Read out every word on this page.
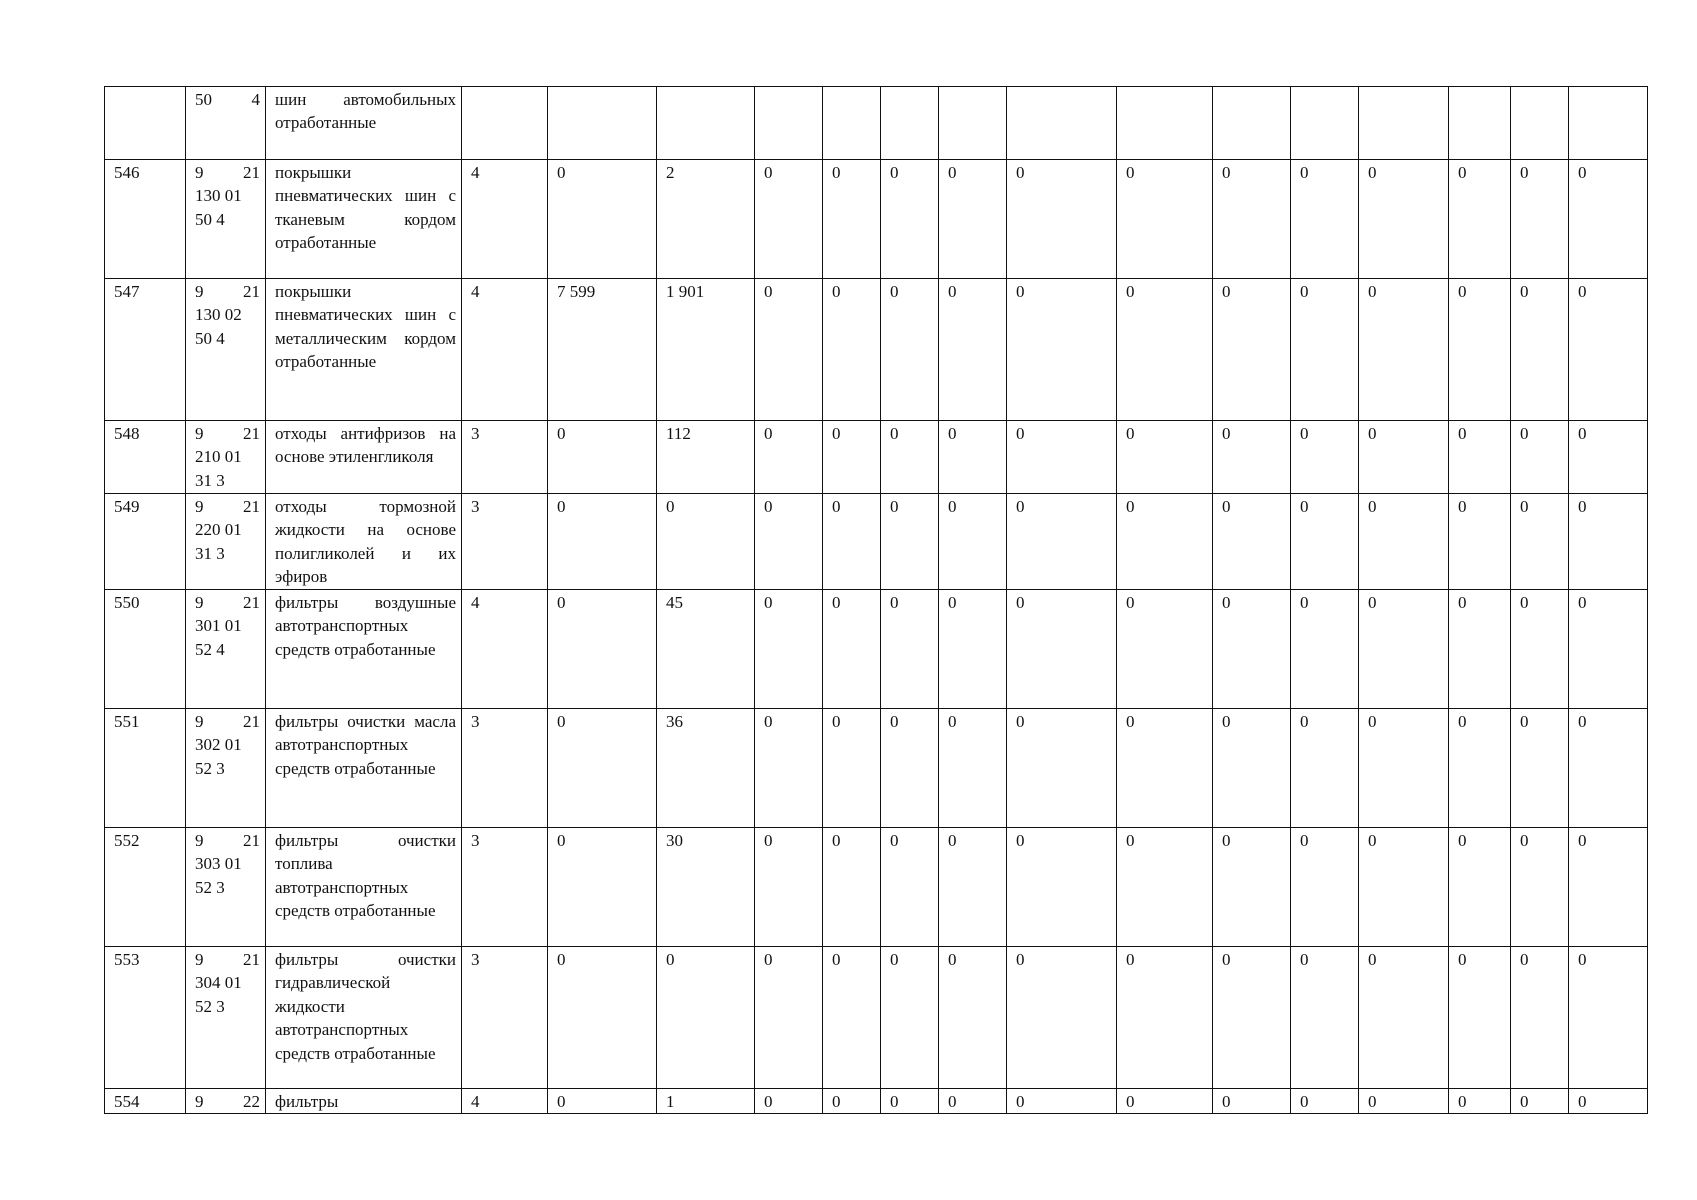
	50 4	шин автомобильных отработанные															
546	9 21
130 01
50 4	покрышки пневматических шин с тканевым кордом отработанные	4	0	2	0	0	0	0	0	0	0	0	0	0	0	0
547	9 21
130 02
50 4	покрышки пневматических шин с металлическим кордом отработанные	4	7 599	1 901	0	0	0	0	0	0	0	0	0	0	0	0
548	9 21
210 01
31 3	отходы антифризов на основе этиленгликоля	3	0	112	0	0	0	0	0	0	0	0	0	0	0	0
549	9 21
220 01
31 3	отходы тормозной жидкости на основе полигликолей и их эфиров	3	0	0	0	0	0	0	0	0	0	0	0	0	0	0
550	9 21
301 01
52 4	фильтры воздушные автотранспортных средств отработанные	4	0	45	0	0	0	0	0	0	0	0	0	0	0	0
551	9 21
302 01
52 3	фильтры очистки масла автотранспортных средств отработанные	3	0	36	0	0	0	0	0	0	0	0	0	0	0	0
552	9 21
303 01
52 3	фильтры очистки топлива автотранспортных средств отработанные	3	0	30	0	0	0	0	0	0	0	0	0	0	0	0
553	9 21
304 01
52 3	фильтры очистки гидравлической жидкости автотранспортных средств отработанные	3	0	0	0	0	0	0	0	0	0	0	0	0	0	0
554	9 22	фильтры	4	0	1	0	0	0	0	0	0	0	0	0	0	0	0
